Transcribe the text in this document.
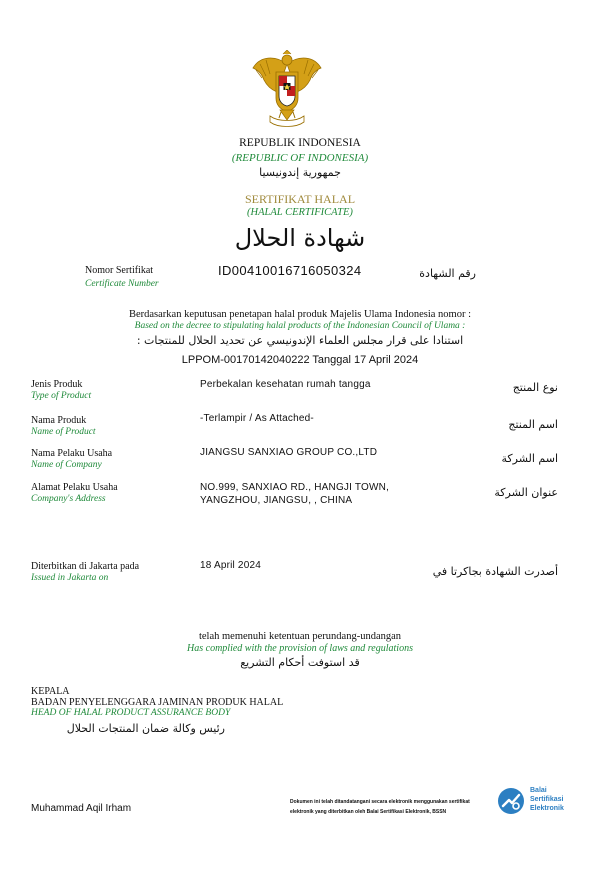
REPUBLIK INDONESIA
(REPUBLIC OF INDONESIA)
جمهورية إندونيسيا
SERTIFIKAT HALAL
(HALAL CERTIFICATE)
شهادة الحلال
Nomor Sertifikat
Certificate Number
ID00410016716050324	رقم الشهادة
Berdasarkan keputusan penetapan halal produk Majelis Ulama Indonesia nomor :
Based on the decree to stipulating halal products of the Indonesian Council of Ulama :
استنادا على قرار مجلس العلماء الإندونيسي عن تحديد الحلال للمنتجات :
LPPOM-00170142040222 Tanggal 17 April 2024
Jenis Produk
Type of Product
Perbekalan kesehatan rumah tangga	نوع المنتج
Nama Produk
Name of Product
-Terlampir / As Attached-	اسم المنتج
Nama Pelaku Usaha
Name of Company
JIANGSU SANXIAO GROUP CO.,LTD	اسم الشركة
Alamat Pelaku Usaha
Company's Address
NO.999, SANXIAO RD., HANGJI TOWN, YANGZHOU, JIANGSU, , CHINA
عنوان الشركة
Diterbitkan di Jakarta pada
Issued in Jakarta on
18 April 2024	أصدرت الشهادة بجاكرتا في
telah memenuhi ketentuan perundang-undangan
Has complied with the provision of laws and regulations
قد استوفت أحكام التشريع
KEPALA
BADAN PENYELENGGARA JAMINAN PRODUK HALAL
HEAD OF HALAL PRODUCT ASSURANCE BODY
رئيس وكالة ضمان المنتجات الحلال
Muhammad Aqil Irham
Dokumen ini telah ditandatangani secara elektronik menggunakan sertifikat
elektronik yang diterbitkan oleh Balai Sertifikasi Elektronik, BSSN
Balai
Sertifikasi
Elektronik
